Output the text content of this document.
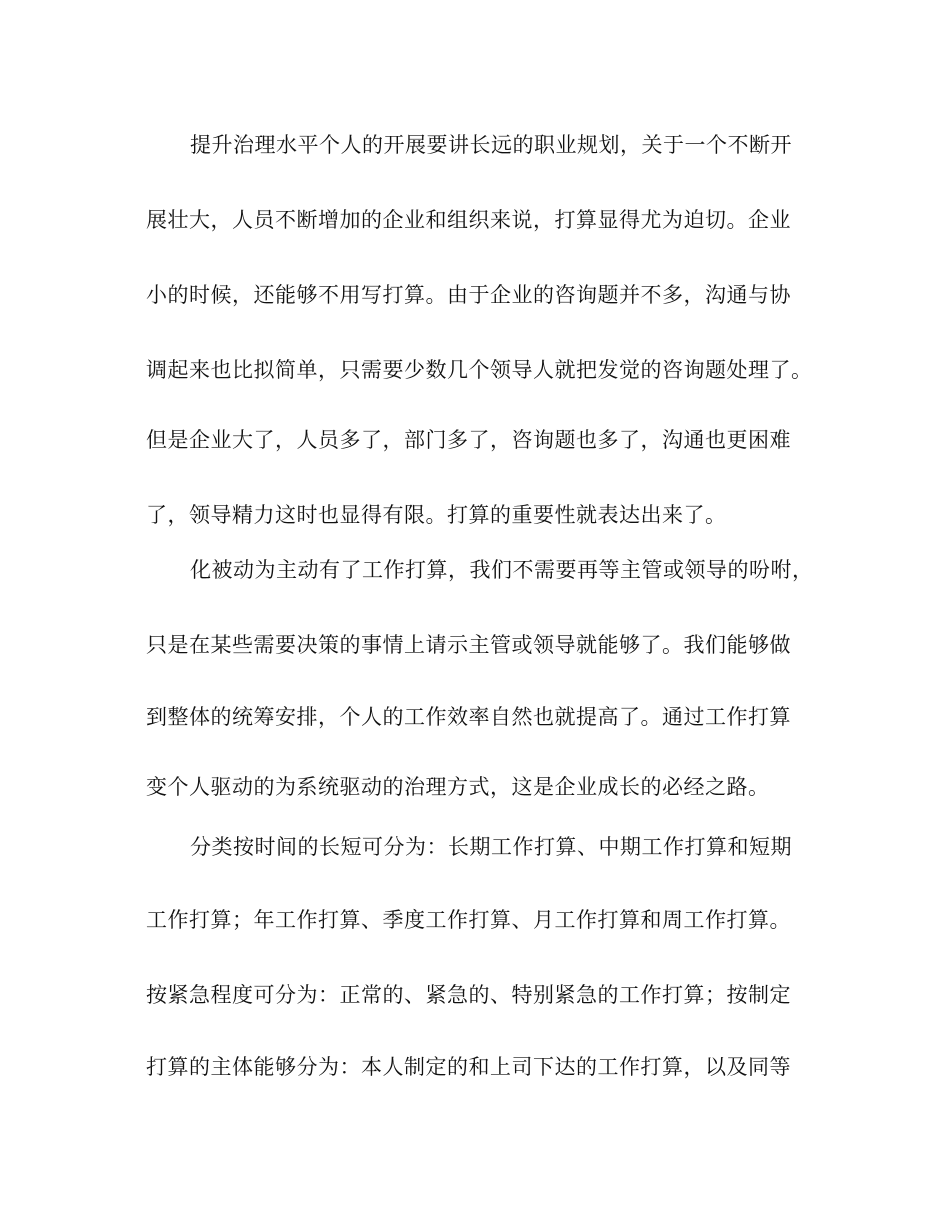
提升治理水平个人的开展要讲长远的职业规划，关于一个不断开
展壮大，人员不断增加的企业和组织来说，打算显得尤为迫切。企业
小的时候，还能够不用写打算。由于企业的咨询题并不多，沟通与协
调起来也比拟简单，只需要少数几个领导人就把发觉的咨询题处理了。
但是企业大了，人员多了，部门多了，咨询题也多了，沟通也更困难
了，领导精力这时也显得有限。打算的重要性就表达出来了。
化被动为主动有了工作打算，我们不需要再等主管或领导的吩咐，
只是在某些需要决策的事情上请示主管或领导就能够了。我们能够做
到整体的统筹安排，个人的工作效率自然也就提高了。通过工作打算
变个人驱动的为系统驱动的治理方式，这是企业成长的必经之路。
分类按时间的长短可分为：长期工作打算、中期工作打算和短期
工作打算；年工作打算、季度工作打算、月工作打算和周工作打算。
按紧急程度可分为：正常的、紧急的、特别紧急的工作打算；按制定
打算的主体能够分为：本人制定的和上司下达的工作打算，以及同等
